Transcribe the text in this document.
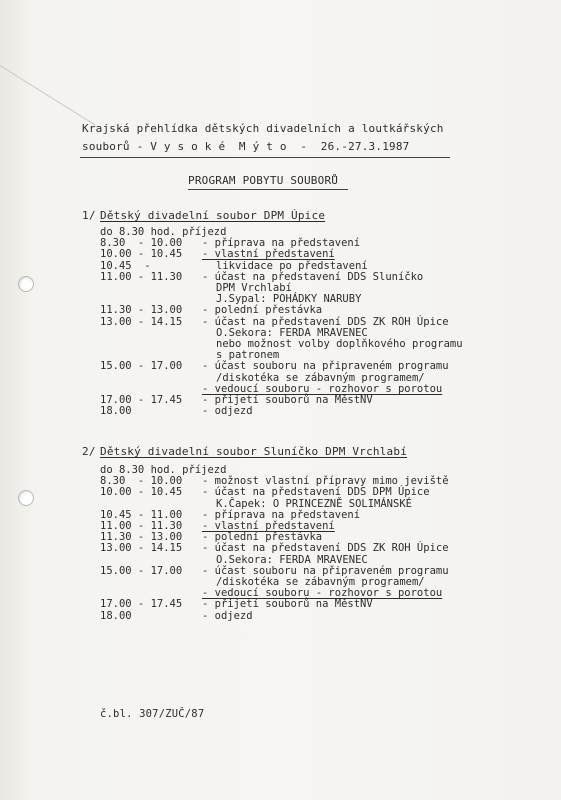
Krajská přehlídka dětských divadelních a loutkářských
souborů - V y s o k é  M ý t o  -  26.-27.3.1987
PROGRAM POBYTU SOUBORŮ
1/ Dětský divadelní soubor DPM Úpice
do 8.30 hod. příjezd
8.30  - 10.00 - příprava na představení
10.00 - 10.45 - vlastní představení
10.45  -	likvidace po představení
11.00 - 11.30 - účast na představení DDS Sluníčko
DPM Vrchlabí
J.Sypal: POHÁDKY NARUBY
11.30 - 13.00 - polední přestávka
13.00 - 14.15 - účast na představení DDS ZK ROH Úpice
O.Sekora: FERDA MRAVENEC
nebo možnost volby doplňkového programu
s patronem
15.00 - 17.00 - účast souboru na připraveném programu
/diskotéka se zábavným programem/
- vedoucí souboru - rozhovor s porotou
17.00 - 17.45 - přijetí souborů na MěstNV
18.00	- odjezd
2/ Dětský divadelní soubor Sluníčko DPM Vrchlabí
do 8.30 hod. příjezd
8.30  - 10.00 - možnost vlastní přípravy mimo jeviště
10.00 - 10.45 - účast na představení DDS DPM Úpice
K.Čapek: O PRINCEZNĚ SOLIMÁNSKÉ
10.45 - 11.00 - příprava na představení
11.00 - 11.30 - vlastní představení
11.30 - 13.00 - polední přestávka
13.00 - 14.15 - účast na představení DDS ZK ROH Úpice
O.Sekora: FERDA MRAVENEC
15.00 - 17.00 - účast souboru na připraveném programu
/diskotéka se zábavným programem/
- vedoucí souboru - rozhovor s porotou
17.00 - 17.45 - přijetí souborů na MěstNV
18.00	- odjezd
č.bl. 307/ZUČ/87
